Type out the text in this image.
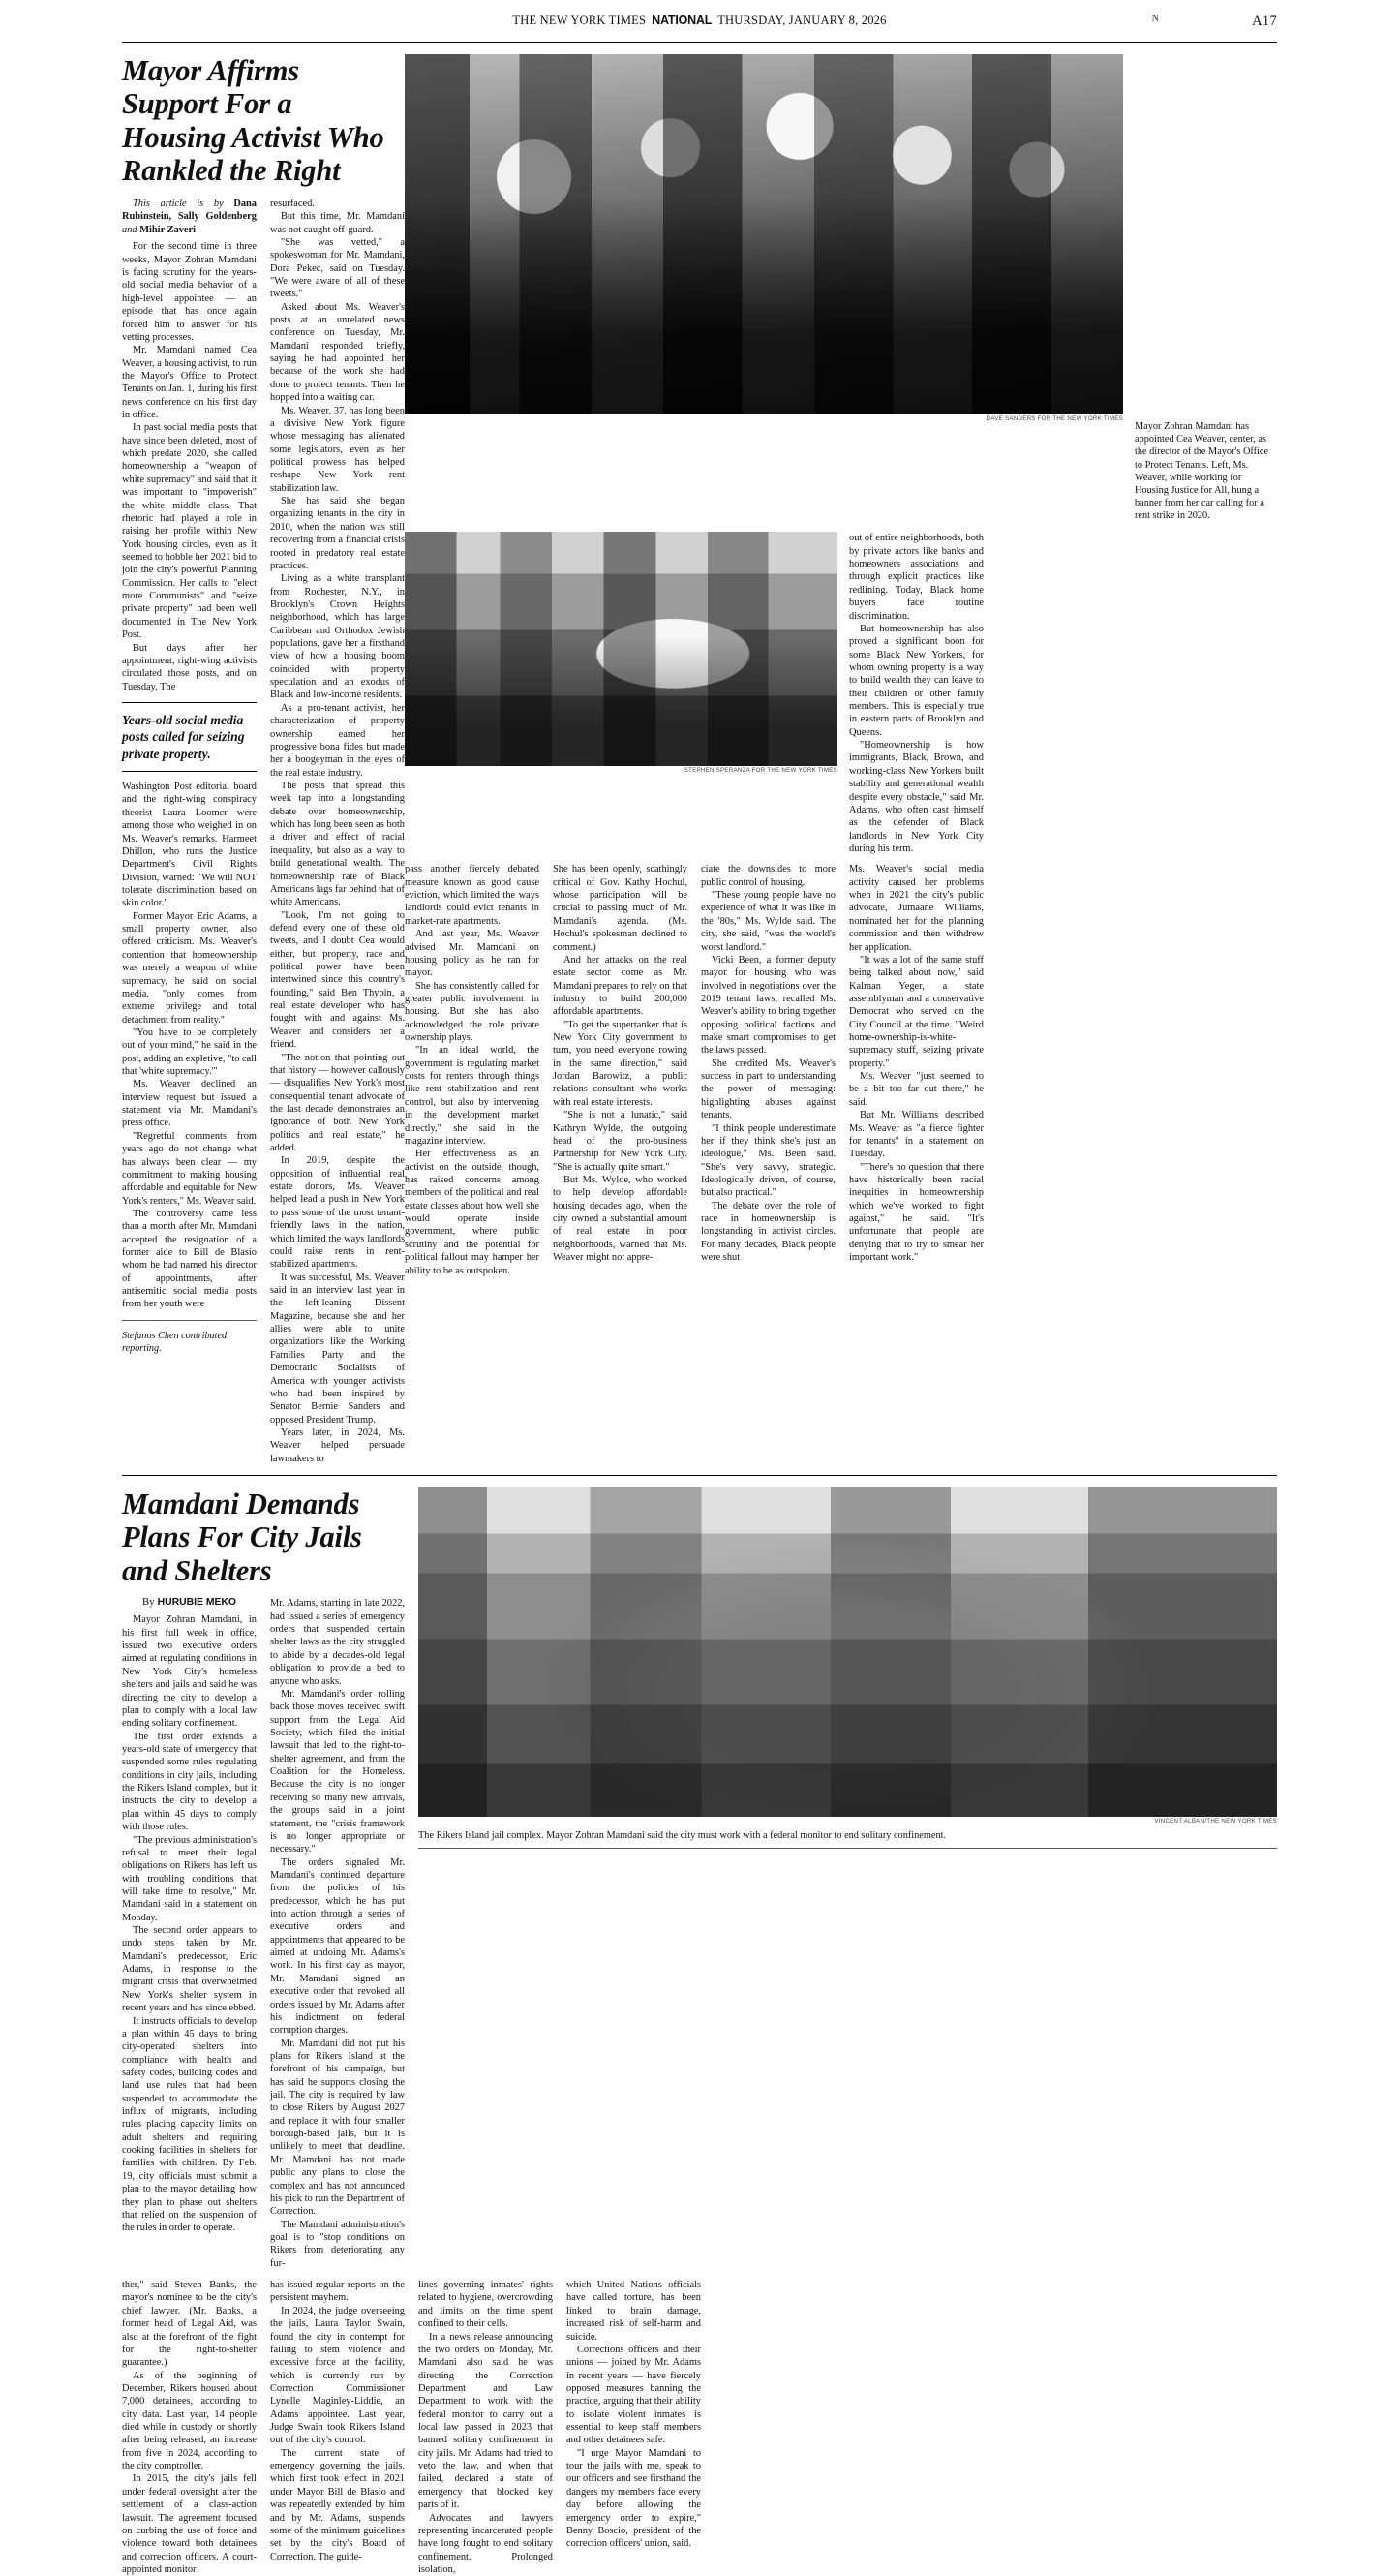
THE NEW YORK TIMES NATIONAL THURSDAY, JANUARY 8, 2026	N	A17
Mayor Affirms Support For a Housing Activist Who Rankled the Right

This article is by Dana Rubinstein, Sally Goldenberg and Mihir Zaveri

For the second time in three weeks, Mayor Zohran Mamdani is facing scrutiny for the years-old social media behavior of a high-level appointee — an episode that has once again forced him to answer for his vetting processes.

Mr. Mamdani named Cea Weaver, a housing activist, to run the Mayor's Office to Protect Tenants on Jan. 1, during his first news conference on his first day in office.

In past social media posts that have since been deleted, most of which predate 2020, she called homeownership a "weapon of white supremacy" and said that it was important to "impoverish" the white middle class. That rhetoric had played a role in raising her profile within New York housing circles, even as it seemed to hobble her 2021 bid to join the city's powerful Planning Commission. Her calls to "elect more Communists" and "seize private property" had been well documented in The New York Post.

But days after her appointment, right-wing activists circulated those posts, and on Tuesday, The

Years-old social media posts called for seizing private property.

Washington Post editorial board and the right-wing conspiracy theorist Laura Loomer were among those who weighed in on Ms. Weaver's remarks. Harmeet Dhillon, who runs the Justice Department's Civil Rights Division, warned: "We will NOT tolerate discrimination based on skin color."

Former Mayor Eric Adams, a small property owner, also offered criticism. Ms. Weaver's contention that homeownership was merely a weapon of white supremacy, he said on social media, "only comes from extreme privilege and total detachment from reality."

"You have to be completely out of your mind," he said in the post, adding an expletive, "to call that 'white supremacy.'"

Ms. Weaver declined an interview request but issued a statement via Mr. Mamdani's press office.

"Regretful comments from years ago do not change what has always been clear — my commitment to making housing affordable and equitable for New York's renters," Ms. Weaver said.

The controversy came less than a month after Mr. Mamdani accepted the resignation of a former aide to Bill de Blasio whom he had named his director of appointments, after antisemitic social media posts from her youth were

Stefanos Chen contributed reporting.

resurfaced.

But this time, Mr. Mamdani was not caught off-guard.

"She was vetted," a spokeswoman for Mr. Mamdani, Dora Pekec, said on Tuesday. "We were aware of all of these tweets."

Asked about Ms. Weaver's posts at an unrelated news conference on Tuesday, Mr. Mamdani responded briefly, saying he had appointed her because of the work she had done to protect tenants. Then he hopped into a waiting car.

Ms. Weaver, 37, has long been a divisive New York figure whose messaging has alienated some legislators, even as her political prowess has helped reshape New York rent stabilization law.

She has said she began organizing tenants in the city in 2010, when the nation was still recovering from a financial crisis rooted in predatory real estate practices.

Living as a white transplant from Rochester, N.Y., in Brooklyn's Crown Heights neighborhood, which has large Caribbean and Orthodox Jewish populations, gave her a firsthand view of how a housing boom coincided with property speculation and an exodus of Black and low-income residents.

As a pro-tenant activist, her characterization of property ownership earned her progressive bona fides but made her a boogeyman in the eyes of the real estate industry.

The posts that spread this week tap into a longstanding debate over homeownership, which has long been seen as both a driver and effect of racial inequality, but also as a way to build generational wealth. The homeownership rate of Black Americans lags far behind that of white Americans.

"Look, I'm not going to defend every one of these old tweets, and I doubt Cea would either, but property, race and political power have been intertwined since this country's founding," said Ben Thypin, a real estate developer who has fought with and against Ms. Weaver and considers her a friend.

"The notion that pointing out that history — however callously — disqualifies New York's most consequential tenant advocate of the last decade demonstrates an ignorance of both New York politics and real estate," he added.

In 2019, despite the opposition of influential real estate donors, Ms. Weaver helped lead a push in New York to pass some of the most tenant-friendly laws in the nation, which limited the ways landlords could raise rents in rent-stabilized apartments.

It was successful, Ms. Weaver said in an interview last year in the left-leaning Dissent Magazine, because she and her allies were able to unite organizations like the Working Families Party and the Democratic Socialists of America with younger activists who had been inspired by Senator Bernie Sanders and opposed President Trump.

Years later, in 2024, Ms. Weaver helped persuade lawmakers to

DAVE SANDERS FOR THE NEW YORK TIMES

Mayor Zohran Mamdani has appointed Cea Weaver, center, as the director of the Mayor's Office to Protect Tenants. Left, Ms. Weaver, while working for Housing Justice for All, hung a banner from her car calling for a rent strike in 2020.

STEPHEN SPERANZA FOR THE NEW YORK TIMES

out of entire neighborhoods, both by private actors like banks and homeowners associations and through explicit practices like redlining. Today, Black home buyers face routine discrimination.

But homeownership has also proved a significant boon for some Black New Yorkers, for whom owning property is a way to build wealth they can leave to their children or other family members. This is especially true in eastern parts of Brooklyn and Queens.

"Homeownership is how immigrants, Black, Brown, and working-class New Yorkers built stability and generational wealth despite every obstacle," said Mr. Adams, who often cast himself as the defender of Black landlords in New York City during his term.

pass another fiercely debated measure known as good cause eviction, which limited the ways landlords could evict tenants in market-rate apartments.

And last year, Ms. Weaver advised Mr. Mamdani on housing policy as he ran for mayor.

She has consistently called for greater public involvement in housing. But she has also acknowledged the role private ownership plays.

"In an ideal world, the government is regulating market costs for renters through things like rent stabilization and rent control, but also by intervening in the development market directly," she said in the magazine interview.

Her effectiveness as an activist on the outside, though, has raised concerns among members of the political and real estate classes about how well she would operate inside government, where public scrutiny and the potential for political fallout may hamper her ability to be as outspoken.

She has been openly, scathingly critical of Gov. Kathy Hochul, whose participation will be crucial to passing much of Mr. Mamdani's agenda. (Ms. Hochul's spokesman declined to comment.)

And her attacks on the real estate sector come as Mr. Mamdani prepares to rely on that industry to build 200,000 affordable apartments.

"To get the supertanker that is New York City government to turn, you need everyone rowing in the same direction," said Jordan Barowitz, a public relations consultant who works with real estate interests.

"She is not a lunatic," said Kathryn Wylde, the outgoing head of the pro-business Partnership for New York City. "She is actually quite smart."

But Ms. Wylde, who worked to help develop affordable housing decades ago, when the city owned a substantial amount of real estate in poor neighborhoods, warned that Ms. Weaver might not appre-

ciate the downsides to more public control of housing.

"These young people have no experience of what it was like in the '80s," Ms. Wylde said. The city, she said, "was the world's worst landlord."

Vicki Been, a former deputy mayor for housing who was involved in negotiations over the 2019 tenant laws, recalled Ms. Weaver's ability to bring together opposing political factions and make smart compromises to get the laws passed.

She credited Ms. Weaver's success in part to understanding the power of messaging: highlighting abuses against tenants.

"I think people underestimate her if they think she's just an ideologue," Ms. Been said. "She's very savvy, strategic. Ideologically driven, of course, but also practical."

The debate over the role of race in homeownership is longstanding in activist circles. For many decades, Black people were shut

Ms. Weaver's social media activity caused her problems when in 2021 the city's public advocate, Jumaane Williams, nominated her for the planning commission and then withdrew her application.

"It was a lot of the same stuff being talked about now," said Kalman Yeger, a state assemblyman and a conservative Democrat who served on the City Council at the time. "Weird home-ownership-is-white-supremacy stuff, seizing private property."

Ms. Weaver "just seemed to be a bit too far out there," he said.

But Mr. Williams described Ms. Weaver as "a fierce fighter for tenants" in a statement on Tuesday.

"There's no question that there have historically been racial inequities in homeownership which we've worked to fight against," he said. "It's unfortunate that people are denying that to try to smear her important work."

Mamdani Demands Plans For City Jails and Shelters

By HURUBIE MEKO

Mayor Zohran Mamdani, in his first full week in office, issued two executive orders aimed at regulating conditions in New York City's homeless shelters and jails and said he was directing the city to develop a plan to comply with a local law ending solitary confinement.

The first order extends a years-old state of emergency that suspended some rules regulating conditions in city jails, including the Rikers Island complex, but it instructs the city to develop a plan within 45 days to comply with those rules.

"The previous administration's refusal to meet their legal obligations on Rikers has left us with troubling conditions that will take time to resolve," Mr. Mamdani said in a statement on Monday.

The second order appears to undo steps taken by Mr. Mamdani's predecessor, Eric Adams, in response to the migrant crisis that overwhelmed New York's shelter system in recent years and has since ebbed.

It instructs officials to develop a plan within 45 days to bring city-operated shelters into compliance with health and safety codes, building codes and land use rules that had been suspended to accommodate the influx of migrants, including rules placing capacity limits on adult shelters and requiring cooking facilities in shelters for families with children. By Feb. 19, city officials must submit a plan to the mayor detailing how they plan to phase out shelters that relied on the suspension of the rules in order to operate.

Mr. Adams, starting in late 2022, had issued a series of emergency orders that suspended certain shelter laws as the city struggled to abide by a decades-old legal obligation to provide a bed to anyone who asks.

Mr. Mamdani's order rolling back those moves received swift support from the Legal Aid Society, which filed the initial lawsuit that led to the right-to-shelter agreement, and from the Coalition for the Homeless. Because the city is no longer receiving so many new arrivals, the groups said in a joint statement, the "crisis framework is no longer appropriate or necessary."

The orders signaled Mr. Mamdani's continued departure from the policies of his predecessor, which he has put into action through a series of executive orders and appointments that appeared to be aimed at undoing Mr. Adams's work. In his first day as mayor, Mr. Mamdani signed an executive order that revoked all orders issued by Mr. Adams after his indictment on federal corruption charges.

Mr. Mamdani did not put his plans for Rikers Island at the forefront of his campaign, but has said he supports closing the jail. The city is required by law to close Rikers by August 2027 and replace it with four smaller borough-based jails, but it is unlikely to meet that deadline. Mr. Mamdani has not made public any plans to close the complex and has not announced his pick to run the Department of Correction.

The Mamdani administration's goal is to "stop conditions on Rikers from deteriorating any fur-

VINCENT ALBAN/THE NEW YORK TIMES

The Rikers Island jail complex. Mayor Zohran Mamdani said the city must work with a federal monitor to end solitary confinement.

ther," said Steven Banks, the mayor's nominee to be the city's chief lawyer. (Mr. Banks, a former head of Legal Aid, was also at the forefront of the fight for the right-to-shelter guarantee.)

As of the beginning of December, Rikers housed about 7,000 detainees, according to city data. Last year, 14 people died while in custody or shortly after being released, an increase from five in 2024, according to the city comptroller.

In 2015, the city's jails fell under federal oversight after the settlement of a class-action lawsuit. The agreement focused on curbing the use of force and violence toward both detainees and correction officers. A court-appointed monitor

has issued regular reports on the persistent mayhem.

In 2024, the judge overseeing the jails, Laura Taylor Swain, found the city in contempt for failing to stem violence and excessive force at the facility, which is currently run by Correction Commissioner Lynelle Maginley-Liddie, an Adams appointee. Last year, Judge Swain took Rikers Island out of the city's control.

The current state of emergency governing the jails, which first took effect in 2021 under Mayor Bill de Blasio and was repeatedly extended by him and by Mr. Adams, suspends some of the minimum guidelines set by the city's Board of Correction. The guide-

lines governing inmates' rights related to hygiene, overcrowding and limits on the time spent confined to their cells.

In a news release announcing the two orders on Monday, Mr. Mamdani also said he was directing the Correction Department and Law Department to work with the federal monitor to carry out a local law passed in 2023 that banned solitary confinement in city jails. Mr. Adams had tried to veto the law, and when that failed, declared a state of emergency that blocked key parts of it.

Advocates and lawyers representing incarcerated people have long fought to end solitary confinement. Prolonged isolation,

which United Nations officials have called torture, has been linked to brain damage, increased risk of self-harm and suicide.

Corrections officers and their unions — joined by Mr. Adams in recent years — have fiercely opposed measures banning the practice, arguing that their ability to isolate violent inmates is essential to keep staff members and other detainees safe.

"I urge Mayor Mamdani to tour the jails with me, speak to our officers and see firsthand the dangers my members face every day before allowing the emergency order to expire," Benny Boscio, president of the correction officers' union, said.
